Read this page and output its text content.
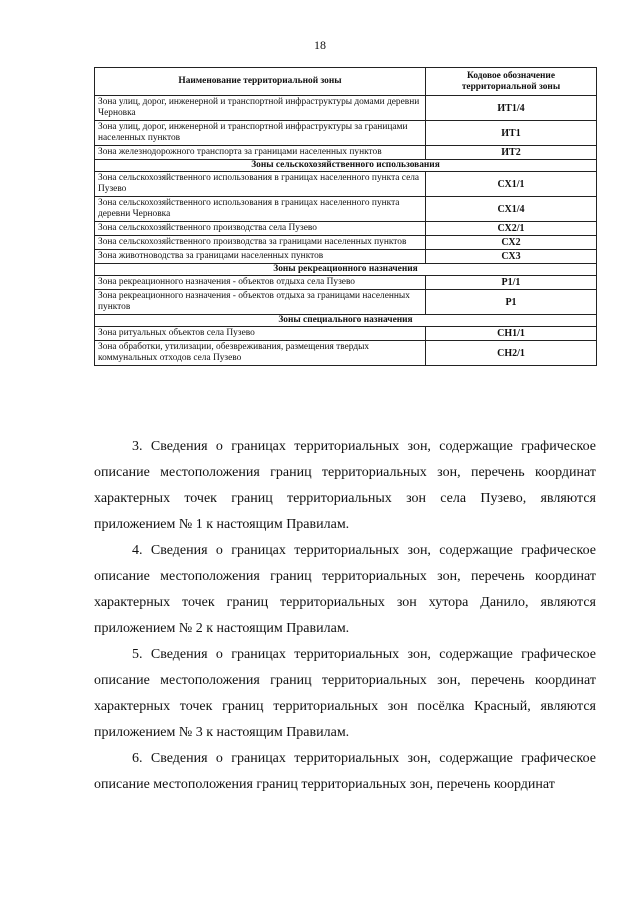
18
Наименование территориальной зоны	Кодовое обозначение территориальной зоны
Зона улиц, дорог, инженерной и транспортной инфраструктуры домами деревни Черновка	ИТ1/4
Зона улиц, дорог, инженерной и транспортной инфраструктуры за границами населенных пунктов	ИТ1
Зона железнодорожного транспорта за границами населенных пунктов	ИТ2
Зоны сельскохозяйственного использования	
Зона сельскохозяйственного использования в границах населенного пункта села Пузево	СХ1/1
Зона сельскохозяйственного использования в границах населенного пункта деревни Черновка	СХ1/4
Зона сельскохозяйственного производства села Пузево	СХ2/1
Зона сельскохозяйственного производства за границами населенных пунктов	СХ2
Зона животноводства за границами населенных пунктов	СХ3
Зоны рекреационного назначения	
Зона рекреационного назначения - объектов отдыха села Пузево	Р1/1
Зона рекреационного назначения - объектов отдыха за границами населенных пунктов	Р1
Зоны специального назначения	
Зона ритуальных объектов села Пузево	СН1/1
Зона обработки, утилизации, обезвреживания, размещения твердых коммунальных отходов села Пузево	СН2/1

3. Сведения о границах территориальных зон, содержащие графическое описание местоположения границ территориальных зон, перечень координат характерных точек границ территориальных зон села Пузево, являются приложением № 1 к настоящим Правилам.

4. Сведения о границах территориальных зон, содержащие графическое описание местоположения границ территориальных зон, перечень координат характерных точек границ территориальных зон хутора Данило, являются приложением № 2 к настоящим Правилам.

5. Сведения о границах территориальных зон, содержащие графическое описание местоположения границ территориальных зон, перечень координат характерных точек границ территориальных зон посёлка Красный, являются приложением № 3 к настоящим Правилам.

6. Сведения о границах территориальных зон, содержащие графическое описание местоположения границ территориальных зон, перечень координат
